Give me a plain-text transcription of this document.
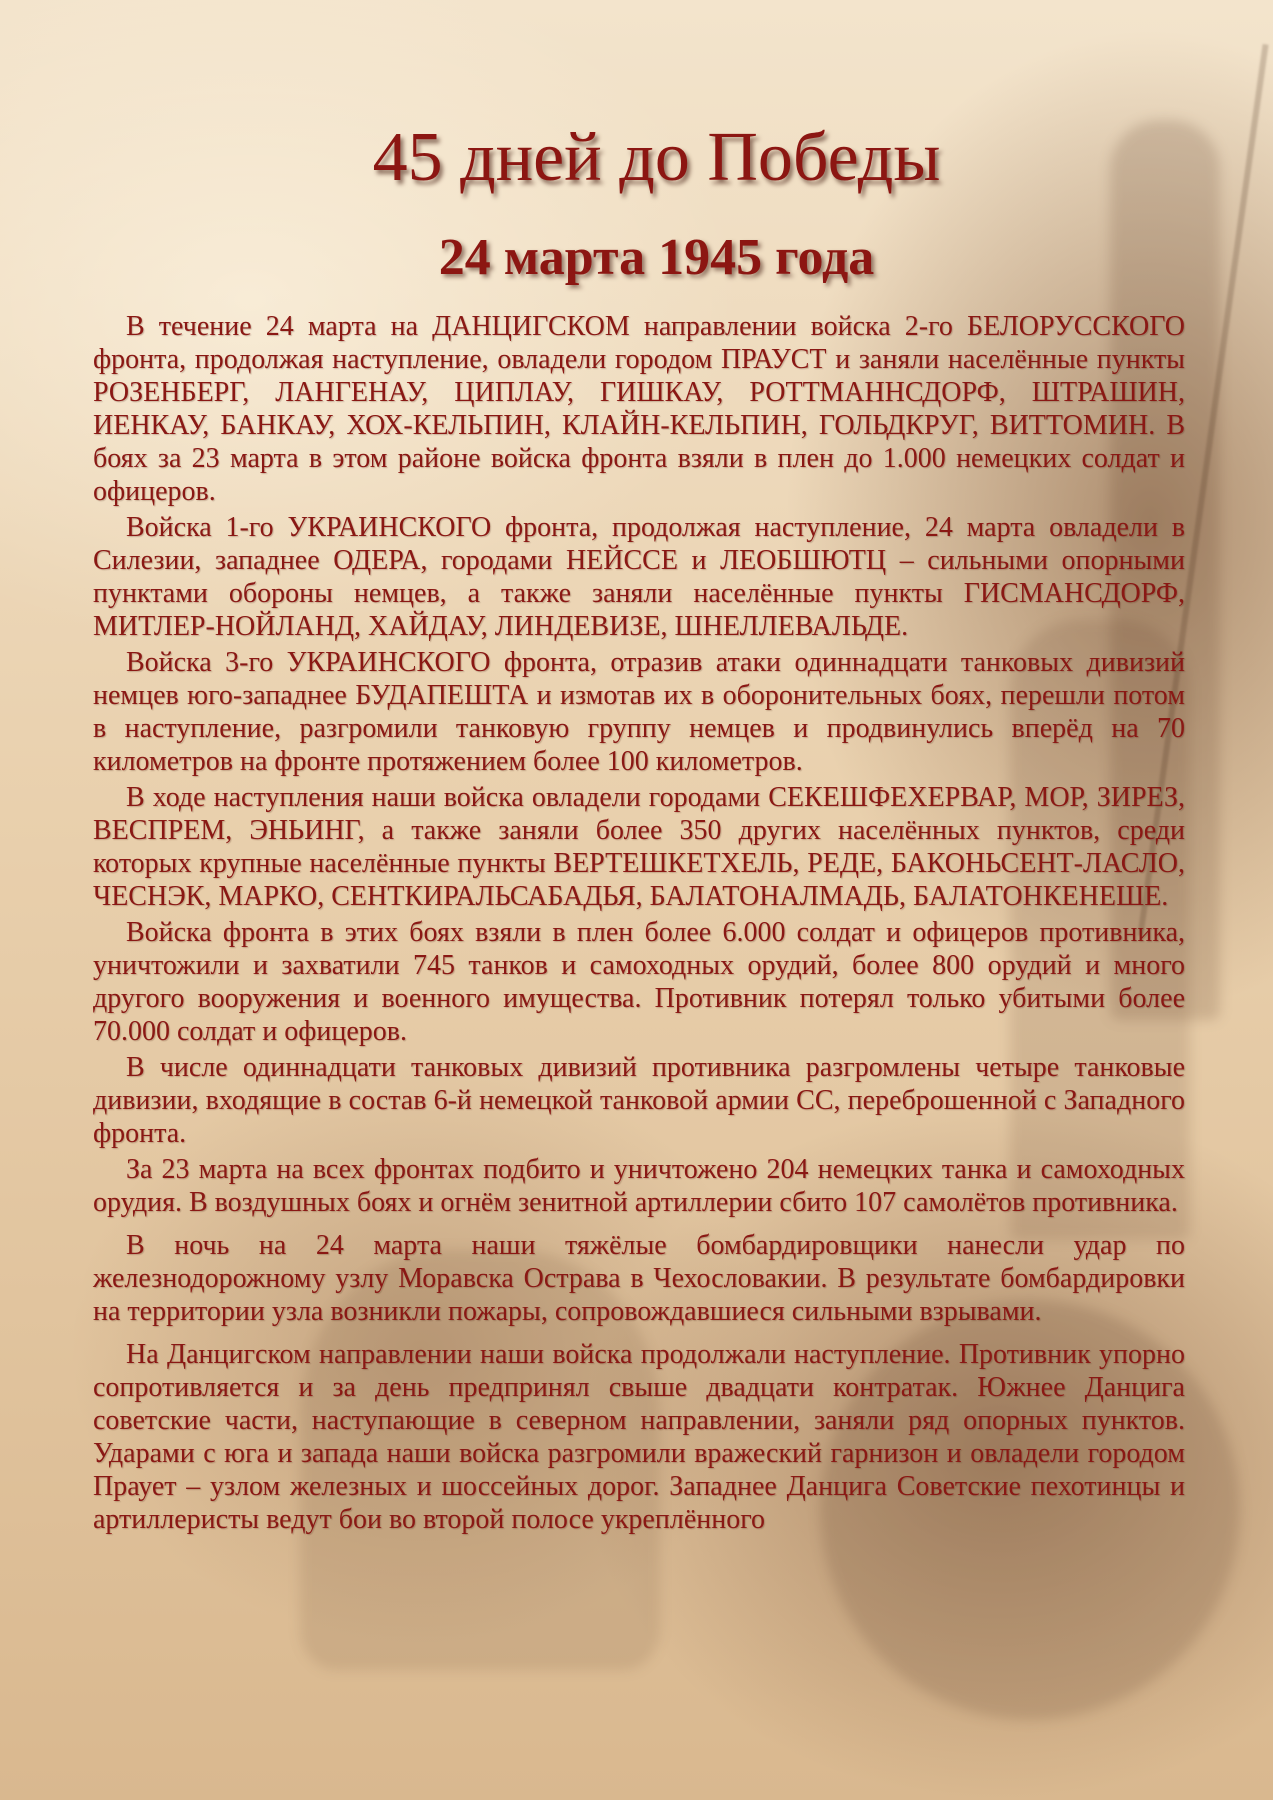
45 дней до Победы
24 марта 1945 года

В течение 24 марта на ДАНЦИГСКОМ направлении войска 2-го БЕЛОРУССКОГО фронта, продолжая наступление, овладели городом ПРАУСТ и заняли населённые пункты РОЗЕНБЕРГ, ЛАНГЕНАУ, ЦИПЛАУ, ГИШКАУ, РОТТМАННСДОРФ, ШТРАШИН, ИЕНКАУ, БАНКАУ, ХОХ-КЕЛЬПИН, КЛАЙН-КЕЛЬПИН, ГОЛЬДКРУГ, ВИТТОМИН. В боях за 23 марта в этом районе войска фронта взяли в плен до 1.000 немецких солдат и офицеров.

Войска 1-го УКРАИНСКОГО фронта, продолжая наступление, 24 марта овладели в Силезии, западнее ОДЕРА, городами НЕЙССЕ и ЛЕОБШЮТЦ – сильными опорными пунктами обороны немцев, а также заняли населённые пункты ГИСМАНСДОРФ, МИТЛЕР-НОЙЛАНД, ХАЙДАУ, ЛИНДЕВИЗЕ, ШНЕЛЛЕВАЛЬДЕ.

Войска 3-го УКРАИНСКОГО фронта, отразив атаки одиннадцати танковых дивизий немцев юго-западнее БУДАПЕШТА и измотав их в оборонительных боях, перешли потом в наступление, разгромили танковую группу немцев и продвинулись вперёд на 70 километров на фронте протяжением более 100 километров.

В ходе наступления наши войска овладели городами СЕКЕШФЕХЕРВАР, МОР, ЗИРЕЗ, ВЕСПРЕМ, ЭНЬИНГ, а также заняли более 350 других населённых пунктов, среди которых крупные населённые пункты ВЕРТЕШКЕТХЕЛЬ, РЕДЕ, БАКОНЬСЕНТ-ЛАСЛО, ЧЕСНЭК, МАРКО, СЕНТКИРАЛЬСАБАДЬЯ, БАЛАТОНАЛМАДЬ, БАЛАТОНКЕНЕШЕ.

Войска фронта в этих боях взяли в плен более 6.000 солдат и офицеров противника, уничтожили и захватили 745 танков и самоходных орудий, более 800 орудий и много другого вооружения и военного имущества. Противник потерял только убитыми более 70.000 солдат и офицеров.

В числе одиннадцати танковых дивизий противника разгромлены четыре танковые дивизии, входящие в состав 6-й немецкой танковой армии СС, переброшенной с Западного фронта.

За 23 марта на всех фронтах подбито и уничтожено 204 немецких танка и самоходных орудия. В воздушных боях и огнём зенитной артиллерии сбито 107 самолётов противника.

В ночь на 24 марта наши тяжёлые бомбардировщики нанесли удар по железнодорожному узлу Моравска Острава в Чехословакии. В результате бомбардировки на территории узла возникли пожары, сопровождавшиеся сильными взрывами.

На Данцигском направлении наши войска продолжали наступление. Противник упорно сопротивляется и за день предпринял свыше двадцати контратак. Южнее Данцига советские части, наступающие в северном направлении, заняли ряд опорных пунктов. Ударами с юга и запада наши войска разгромили вражеский гарнизон и овладели городом Праует – узлом железных и шоссейных дорог. Западнее Данцига Советские пехотинцы и артиллеристы ведут бои во второй полосе укреплённого
